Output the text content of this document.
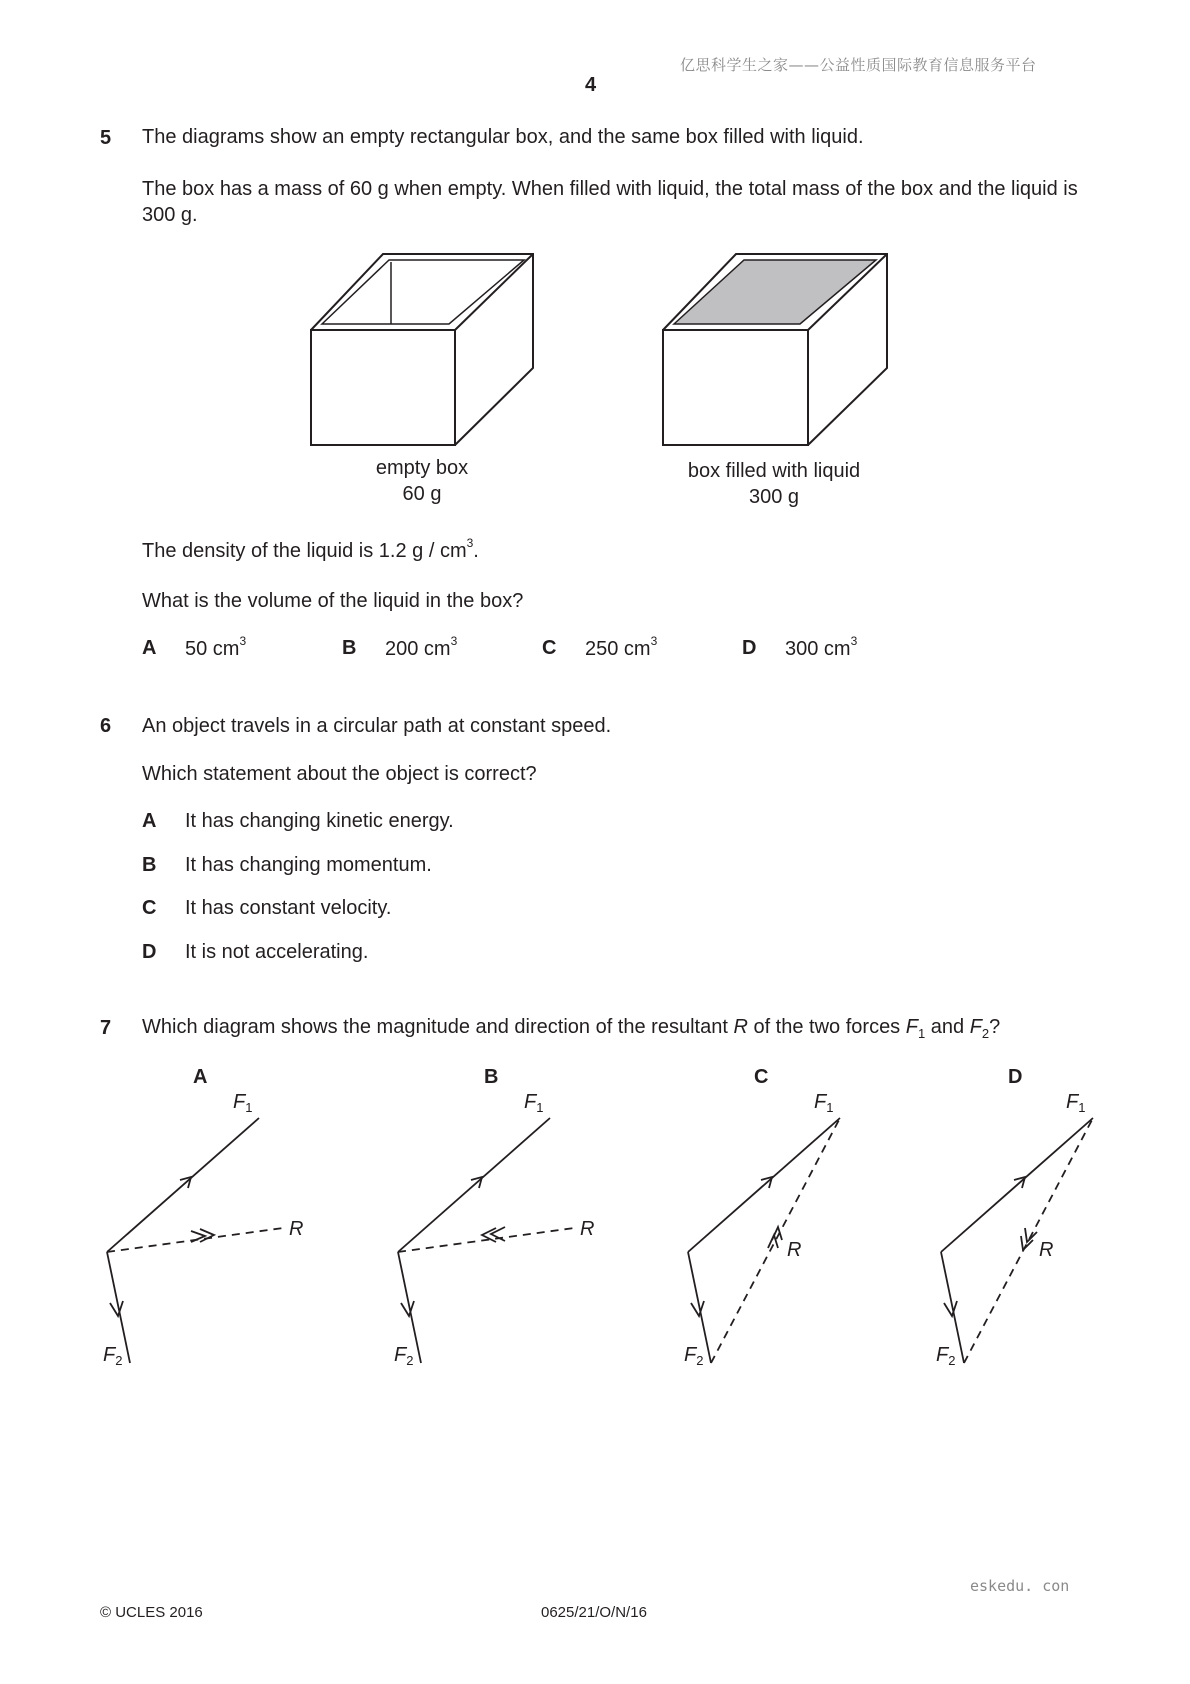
亿思科学生之家——公益性质国际教育信息服务平台
4
5 The diagrams show an empty rectangular box, and the same box filled with liquid.
The box has a mass of 60 g when empty. When filled with liquid, the total mass of the box and the liquid is 300 g.
empty box
60 g
box filled with liquid
300 g
The density of the liquid is 1.2 g / $cm^3$.
What is the volume of the liquid in the box?
A 50 $cm^3$	B 200 $cm^3$	C 250 $cm^3$	D 300 $cm^3$
6 An object travels in a circular path at constant speed.
Which statement about the object is correct?
A It has changing kinetic energy.
B It has changing momentum.
C It has constant velocity.
D It is not accelerating.
7 Which diagram shows the magnitude and direction of the resultant R of the two forces $F_1$ and $F_2$?
A	B	C	D
$F_1$
$F_2$
R
$F_1$
$F_2$
R
$F_1$
$F_2$
R
$F_1$
$F_2$
R
eskedu. con
© UCLES 2016	0625/21/O/N/16
